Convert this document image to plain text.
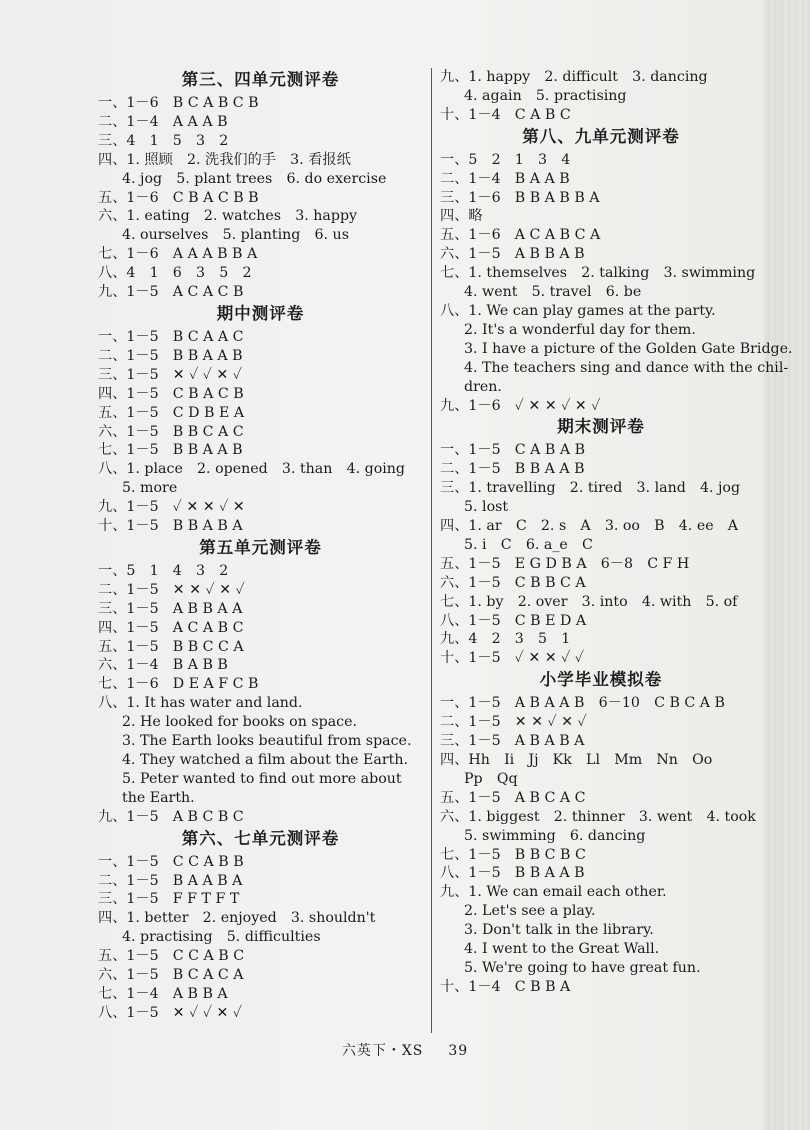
第三、四单元测评卷
一、1－6　B C A B C B
二、1－4　A A A B
三、4　1　5　3　2
四、1. 照顾　2. 洗我们的手　3. 看报纸
4. jog　5. plant trees　6. do exercise
五、1－6　C B A C B B
六、1. eating　2. watches　3. happy
4. ourselves　5. planting　6. us
七、1－6　A A A B B A
八、4　1　6　3　5　2
九、1－5　A C A C B
期中测评卷
一、1－5　B C A A C
二、1－5　B B A A B
三、1－5　✕ ✓ ✓ ✕ ✓
四、1－5　C B A C B
五、1－5　C D B E A
六、1－5　B B C A C
七、1－5　B B A A B
八、1. place　2. opened　3. than　4. going
5. more
九、1－5　✓ ✕ ✕ ✓ ✕
十、1－5　B B A B A
第五单元测评卷
一、5　1　4　3　2
二、1－5　✕ ✕ ✓ ✕ ✓
三、1－5　A B B A A
四、1－5　A C A B C
五、1－5　B B C C A
六、1－4　B A B B
七、1－6　D E A F C B
八、1. It has water and land.
2. He looked for books on space.
3. The Earth looks beautiful from space.
4. They watched a film about the Earth.
5. Peter wanted to find out more about
the Earth.
九、1－5　A B C B C
第六、七单元测评卷
一、1－5　C C A B B
二、1－5　B A A B A
三、1－5　F F T F T
四、1. better　2. enjoyed　3. shouldn't
4. practising　5. difficulties
五、1－5　C C A B C
六、1－5　B C A C A
七、1－4　A B B A
八、1－5　✕ ✓ ✓ ✕ ✓
九、1. happy　2. difficult　3. dancing
4. again　5. practising
十、1－4　C A B C
第八、九单元测评卷
一、5　2　1　3　4
二、1－4　B A A B
三、1－6　B B A B B A
四、略
五、1－6　A C A B C A
六、1－5　A B B A B
七、1. themselves　2. talking　3. swimming
4. went　5. travel　6. be
八、1. We can play games at the party.
2. It's a wonderful day for them.
3. I have a picture of the Golden Gate Bridge.
4. The teachers sing and dance with the chil-
dren.
九、1－6　✓ ✕ ✕ ✓ ✕ ✓
期末测评卷
一、1－5　C A B A B
二、1－5　B B A A B
三、1. travelling　2. tired　3. land　4. jog
5. lost
四、1. ar　C　2. s　A　3. oo　B　4. ee　A
5. i　C　6. a_e　C
五、1－5　E G D B A　6－8　C F H
六、1－5　C B B C A
七、1. by　2. over　3. into　4. with　5. of
八、1－5　C B E D A
九、4　2　3　5　1
十、1－5　✓ ✕ ✕ ✓ ✓
小学毕业模拟卷
一、1－5　A B A A B　6－10　C B C A B
二、1－5　✕ ✕ ✓ ✕ ✓
三、1－5　A B A B A
四、Hh　Ii　Jj　Kk　Ll　Mm　Nn　Oo
Pp　Qq
五、1－5　A B C A C
六、1. biggest　2. thinner　3. went　4. took
5. swimming　6. dancing
七、1－5　B B C B C
八、1－5　B B A A B
九、1. We can email each other.
2. Let's see a play.
3. Don't talk in the library.
4. I went to the Great Wall.
5. We're going to have great fun.
十、1－4　C B B A
六英下・XS 39
